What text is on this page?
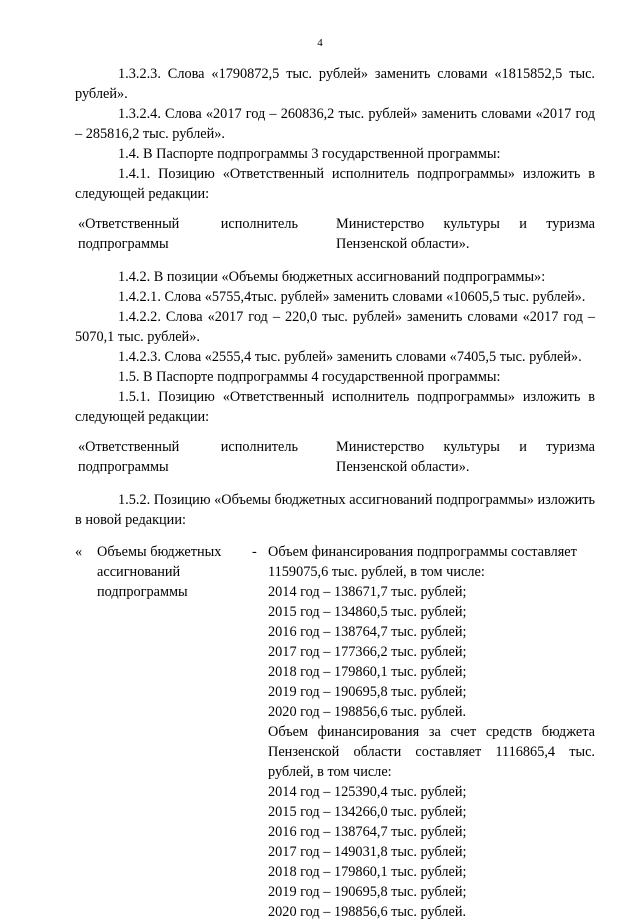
4

1.3.2.3. Слова «1790872,5 тыс. рублей» заменить словами «1815852,5 тыс. рублей».

1.3.2.4. Слова «2017 год – 260836,2 тыс. рублей» заменить словами «2017 год – 285816,2 тыс. рублей».

1.4. В Паспорте подпрограммы 3 государственной программы:

1.4.1. Позицию «Ответственный исполнитель подпрограммы» изложить в следующей редакции:

«Ответственный исполнитель подпрограммы
Министерство культуры и туризма Пензенской области».

1.4.2. В позиции «Объемы бюджетных ассигнований подпрограммы»:

1.4.2.1. Слова «5755,4тыс. рублей» заменить словами «10605,5 тыс. рублей».

1.4.2.2. Слова «2017 год – 220,0 тыс. рублей» заменить словами «2017 год – 5070,1 тыс. рублей».

1.4.2.3. Слова «2555,4 тыс. рублей» заменить словами «7405,5 тыс. рублей».

1.5. В Паспорте подпрограммы 4 государственной программы:

1.5.1. Позицию «Ответственный исполнитель подпрограммы» изложить в следующей редакции:

«Ответственный исполнитель подпрограммы
Министерство культуры и туризма Пензенской области».

1.5.2. Позицию «Объемы бюджетных ассигнований подпрограммы» изложить в новой редакции:

«	Объемы бюджетных ассигнований подпрограммы
- Объем финансирования подпрограммы составляет 1159075,6 тыс. рублей, в том числе:
2014 год – 138671,7 тыс. рублей;
2015 год – 134860,5 тыс. рублей;
2016 год – 138764,7 тыс. рублей;
2017 год – 177366,2 тыс. рублей;
2018 год – 179860,1 тыс. рублей;
2019 год – 190695,8 тыс. рублей;
2020 год – 198856,6 тыс. рублей.
Объем финансирования за счет средств бюджета Пензенской области составляет 1116865,4 тыс. рублей, в том числе:
2014 год – 125390,4 тыс. рублей;
2015 год – 134266,0 тыс. рублей;
2016 год – 138764,7 тыс. рублей;
2017 год – 149031,8 тыс. рублей;
2018 год – 179860,1 тыс. рублей;
2019 год – 190695,8 тыс. рублей;
2020 год – 198856,6 тыс. рублей.
